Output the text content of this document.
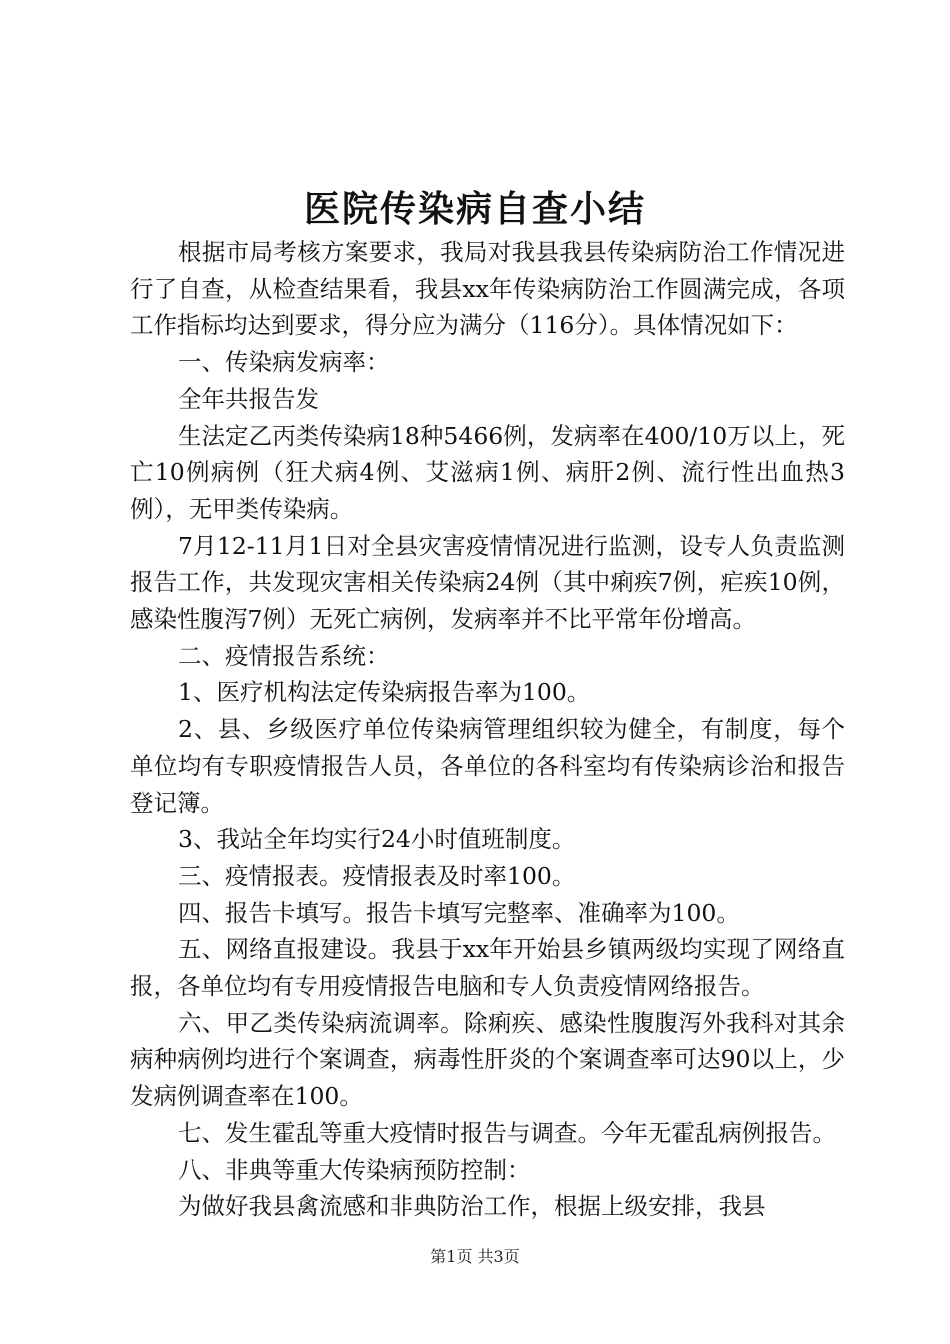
医院传染病自查小结

根据市局考核方案要求，我局对我县我县传染病防治工作情况进行了自查，从检查结果看，我县xx年传染病防治工作圆满完成，各项工作指标均达到要求，得分应为满分（116分）。具体情况如下：

一、传染病发病率：

全年共报告发

生法定乙丙类传染病18种5466例，发病率在400/10万以上，死亡10例病例（狂犬病4例、艾滋病1例、病肝2例、流行性出血热3例），无甲类传染病。

7月12-11月1日对全县灾害疫情情况进行监测，设专人负责监测报告工作，共发现灾害相关传染病24例（其中痢疾7例，疟疾10例，感染性腹泻7例）无死亡病例，发病率并不比平常年份增高。

二、疫情报告系统：

1、医疗机构法定传染病报告率为100。

2、县、乡级医疗单位传染病管理组织较为健全，有制度，每个单位均有专职疫情报告人员，各单位的各科室均有传染病诊治和报告登记簿。

3、我站全年均实行24小时值班制度。

三、疫情报表。疫情报表及时率100。

四、报告卡填写。报告卡填写完整率、准确率为100。

五、网络直报建设。我县于xx年开始县乡镇两级均实现了网络直报，各单位均有专用疫情报告电脑和专人负责疫情网络报告。

六、甲乙类传染病流调率。除痢疾、感染性腹腹泻外我科对其余病种病例均进行个案调查，病毒性肝炎的个案调查率可达90以上，少发病例调查率在100。

七、发生霍乱等重大疫情时报告与调查。今年无霍乱病例报告。

八、非典等重大传染病预防控制：

为做好我县禽流感和非典防治工作，根据上级安排，我县

第1页 共3页
